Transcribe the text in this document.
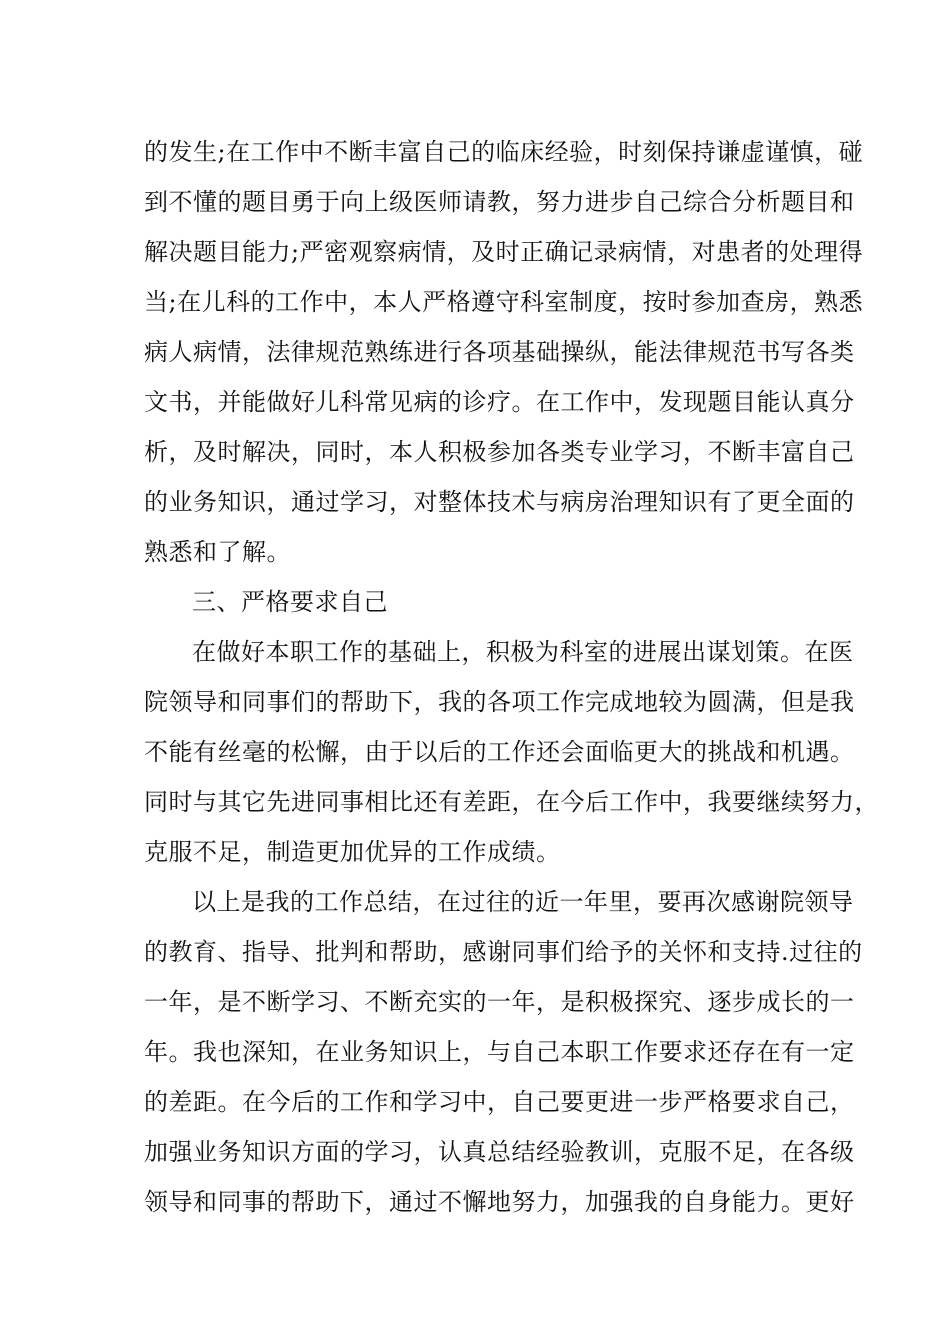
的发生;在工作中不断丰富自己的临床经验，时刻保持谦虚谨慎，碰
到不懂的题目勇于向上级医师请教，努力进步自己综合分析题目和
解决题目能力;严密观察病情，及时正确记录病情，对患者的处理得
当;在儿科的工作中，本人严格遵守科室制度，按时参加查房，熟悉
病人病情，法律规范熟练进行各项基础操纵，能法律规范书写各类
文书，并能做好儿科常见病的诊疗。在工作中，发现题目能认真分
析，及时解决，同时，本人积极参加各类专业学习，不断丰富自己
的业务知识，通过学习，对整体技术与病房治理知识有了更全面的
熟悉和了解。
三、严格要求自己
在做好本职工作的基础上，积极为科室的进展出谋划策。在医
院领导和同事们的帮助下，我的各项工作完成地较为圆满，但是我
不能有丝毫的松懈，由于以后的工作还会面临更大的挑战和机遇。
同时与其它先进同事相比还有差距，在今后工作中，我要继续努力，
克服不足，制造更加优异的工作成绩。
以上是我的工作总结，在过往的近一年里，要再次感谢院领导
的教育、指导、批判和帮助，感谢同事们给予的关怀和支持.过往的
一年，是不断学习、不断充实的一年，是积极探究、逐步成长的一
年。我也深知，在业务知识上，与自己本职工作要求还存在有一定
的差距。在今后的工作和学习中，自己要更进一步严格要求自己，
加强业务知识方面的学习，认真总结经验教训，克服不足，在各级
领导和同事的帮助下，通过不懈地努力，加强我的自身能力。更好
